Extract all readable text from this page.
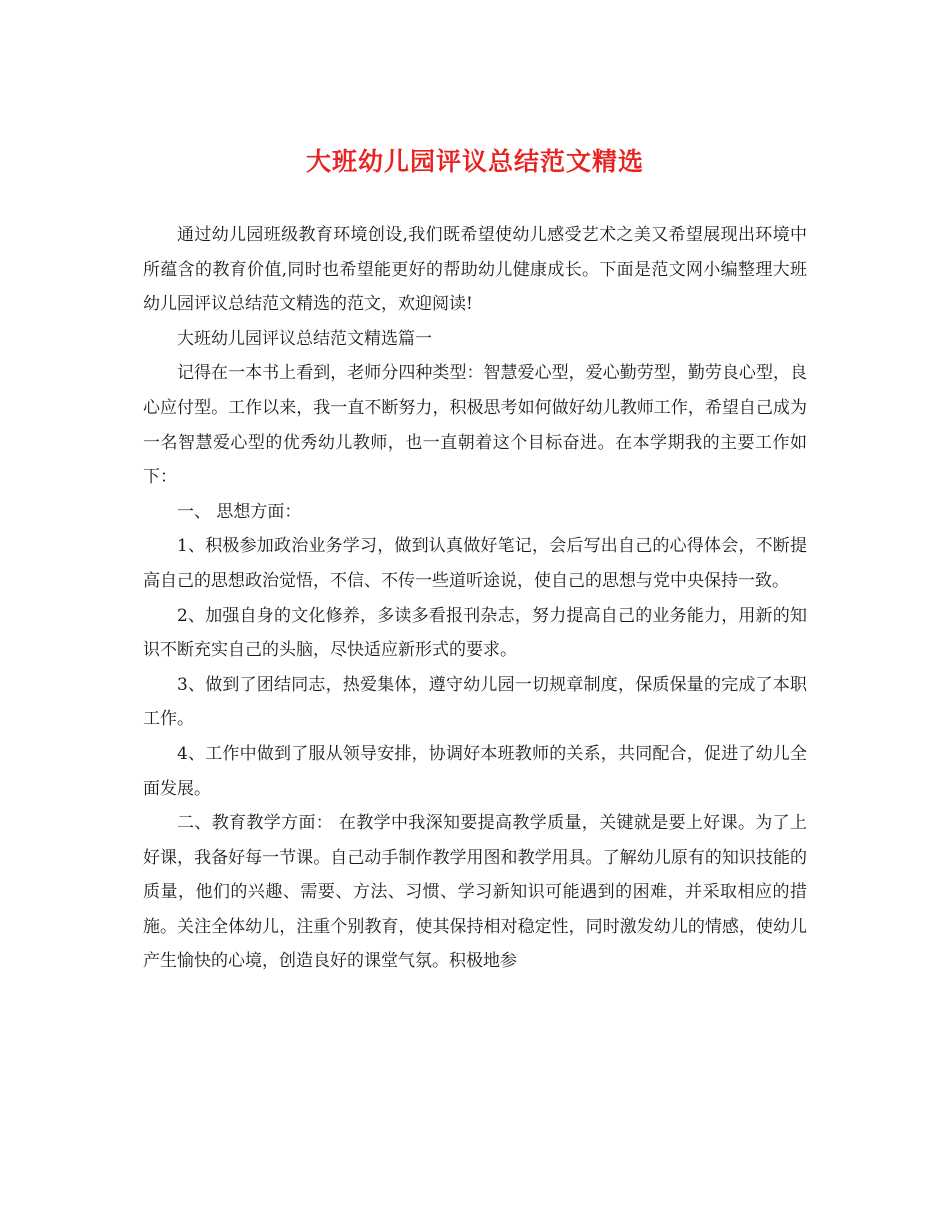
大班幼儿园评议总结范文精选

通过幼儿园班级教育环境创设,我们既希望使幼儿感受艺术之美又希望展现出环境中所蕴含的教育价值,同时也希望能更好的帮助幼儿健康成长。下面是范文网小编整理大班幼儿园评议总结范文精选的范文，欢迎阅读!

大班幼儿园评议总结范文精选篇一

记得在一本书上看到，老师分四种类型：智慧爱心型，爱心勤劳型，勤劳良心型，良心应付型。工作以来，我一直不断努力，积极思考如何做好幼儿教师工作，希望自己成为一名智慧爱心型的优秀幼儿教师，也一直朝着这个目标奋进。在本学期我的主要工作如下：

一、 思想方面：

1、积极参加政治业务学习，做到认真做好笔记，会后写出自己的心得体会，不断提高自己的思想政治觉悟，不信、不传一些道听途说，使自己的思想与党中央保持一致。

2、加强自身的文化修养，多读多看报刊杂志，努力提高自己的业务能力，用新的知识不断充实自己的头脑，尽快适应新形式的要求。

3、做到了团结同志，热爱集体，遵守幼儿园一切规章制度，保质保量的完成了本职工作。

4、工作中做到了服从领导安排，协调好本班教师的关系，共同配合，促进了幼儿全面发展。

二、教育教学方面： 在教学中我深知要提高教学质量，关键就是要上好课。为了上好课，我备好每一节课。自己动手制作教学用图和教学用具。了解幼儿原有的知识技能的质量，他们的兴趣、需要、方法、习惯、学习新知识可能遇到的困难，并采取相应的措施。关注全体幼儿，注重个别教育，使其保持相对稳定性，同时激发幼儿的情感，使幼儿产生愉快的心境，创造良好的课堂气氛。积极地参
